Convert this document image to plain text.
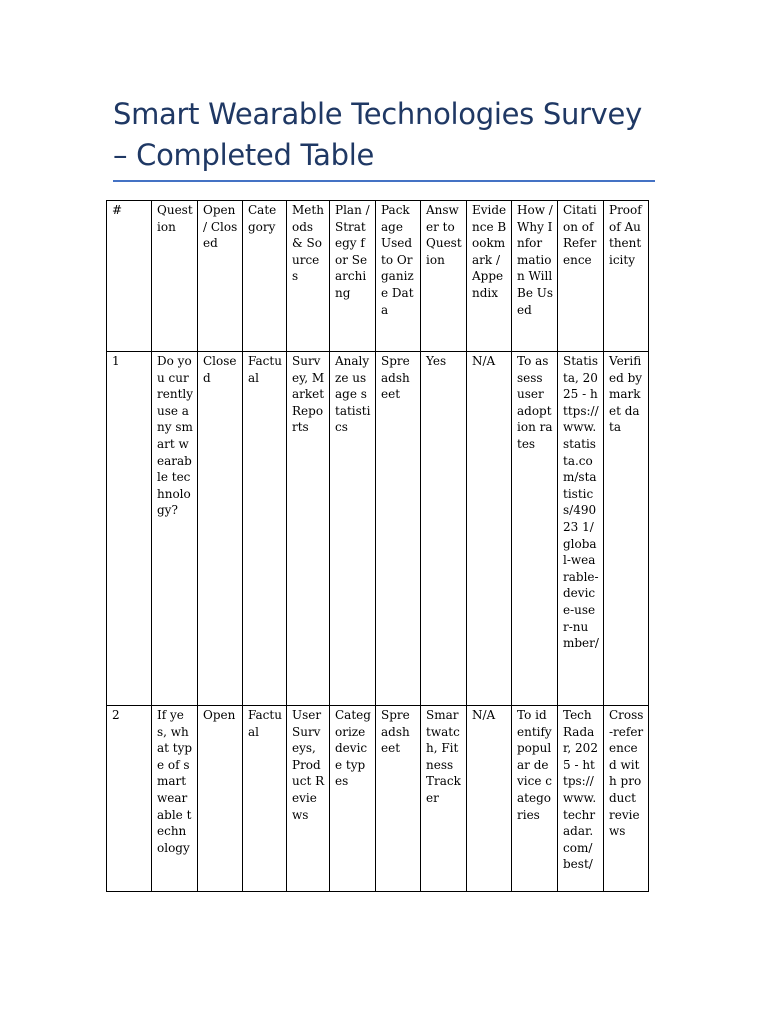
Smart Wearable Technologies Survey – Completed Table
#	Question	Open / Closed	Category	Methods & Sources	Plan / Strategy for Searching	Package Used to Organize Data	Answer to Question	Evidence Bookmark / Appendix	How / Why Information Will Be Used	Citation of Reference	Proof of Authenticity
1	Do you currently use any smart wearable technology?	Closed	Factual	Survey, Market Reports	Analyze usage statistics	Spreadsheet	Yes	N/A	To assess user adoption rates	Statista, 2025 - https://www.statista.com/statistics/49023 1/global-wearable-device-user-number/	Verified by market data
2	If yes, what type of smart wearable technology	Open	Factual	User Surveys, Product Reviews	Categorize device types	Spreadsheet	Smartwatch, Fitness Tracker	N/A	To identify popular device categories	TechRadar, 2025 - https://www.techradar.com/best/	Cross-referenced with product reviews
